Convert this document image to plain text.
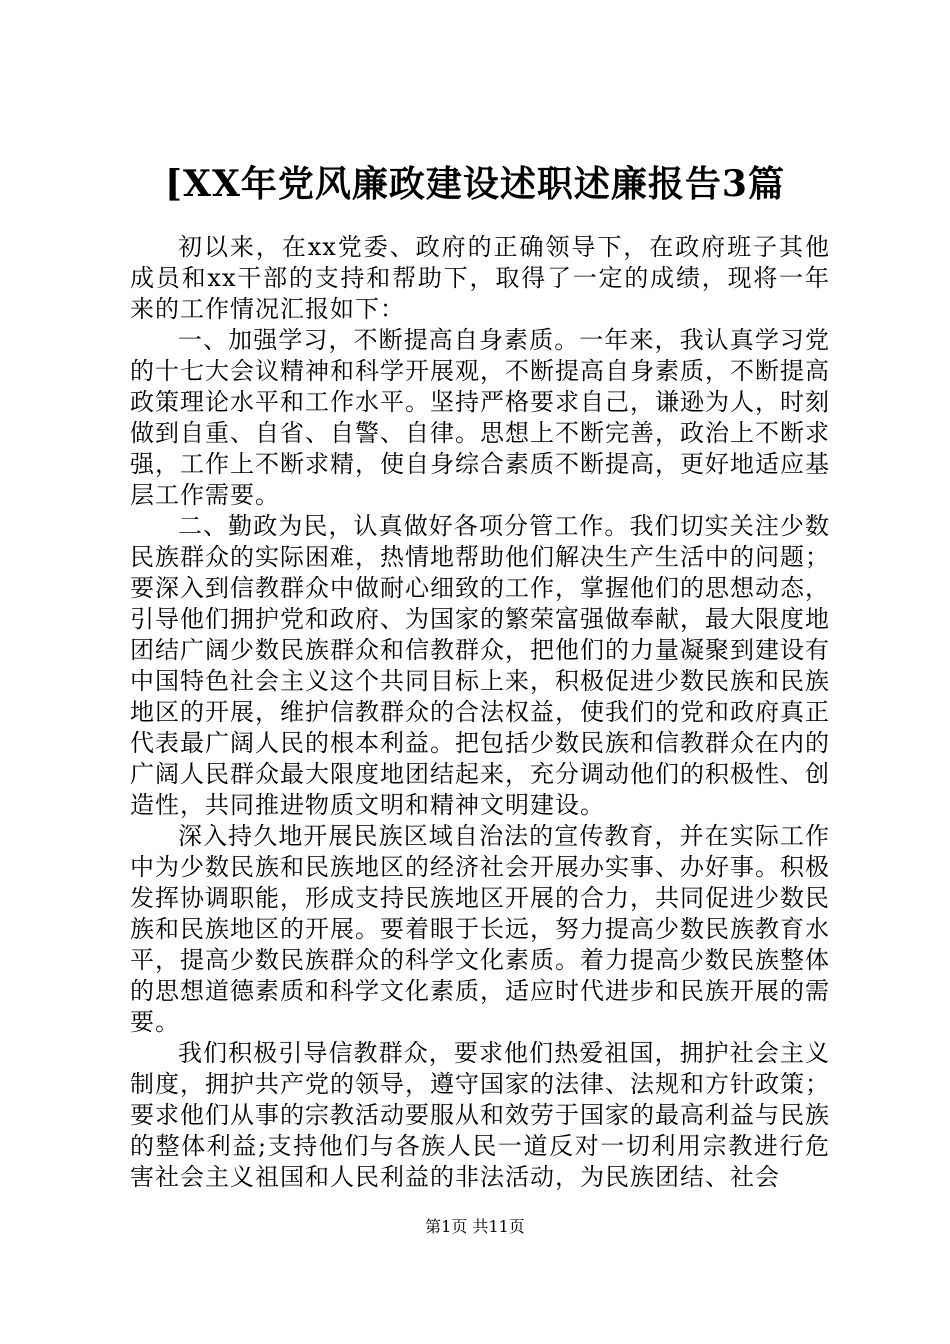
[XX年党风廉政建设述职述廉报告3篇

初以来，在xx党委、政府的正确领导下，在政府班子其他成员和xx干部的支持和帮助下，取得了一定的成绩，现将一年来的工作情况汇报如下：

一、加强学习，不断提高自身素质。一年来，我认真学习党的十七大会议精神和科学开展观，不断提高自身素质，不断提高政策理论水平和工作水平。坚持严格要求自己，谦逊为人，时刻做到自重、自省、自警、自律。思想上不断完善，政治上不断求强，工作上不断求精，使自身综合素质不断提高，更好地适应基层工作需要。

二、勤政为民，认真做好各项分管工作。我们切实关注少数民族群众的实际困难，热情地帮助他们解决生产生活中的问题；要深入到信教群众中做耐心细致的工作，掌握他们的思想动态，引导他们拥护党和政府、为国家的繁荣富强做奉献，最大限度地团结广阔少数民族群众和信教群众，把他们的力量凝聚到建设有中国特色社会主义这个共同目标上来，积极促进少数民族和民族地区的开展，维护信教群众的合法权益，使我们的党和政府真正代表最广阔人民的根本利益。把包括少数民族和信教群众在内的广阔人民群众最大限度地团结起来，充分调动他们的积极性、创造性，共同推进物质文明和精神文明建设。

深入持久地开展民族区域自治法的宣传教育，并在实际工作中为少数民族和民族地区的经济社会开展办实事、办好事。积极发挥协调职能，形成支持民族地区开展的合力，共同促进少数民族和民族地区的开展。要着眼于长远，努力提高少数民族教育水平，提高少数民族群众的科学文化素质。着力提高少数民族整体的思想道德素质和科学文化素质，适应时代进步和民族开展的需要。

我们积极引导信教群众，要求他们热爱祖国，拥护社会主义制度，拥护共产党的领导，遵守国家的法律、法规和方针政策；要求他们从事的宗教活动要服从和效劳于国家的最高利益与民族的整体利益;支持他们与各族人民一道反对一切利用宗教进行危害社会主义祖国和人民利益的非法活动，为民族团结、社会

第1页 共11页
